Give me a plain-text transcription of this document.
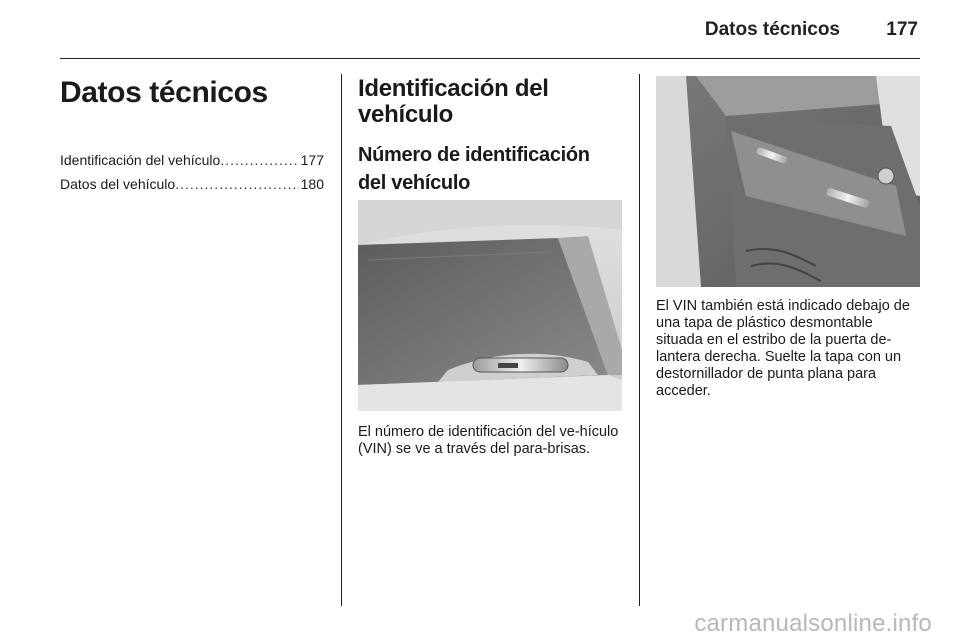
Datos técnicos 177
Datos técnicos
Identificación del vehículo .....	177
Datos del vehículo .....	180
Identificación del vehículo
Número de identificación del vehículo

El número de identificación del ve-hículo (VIN) se ve a través del para-brisas.

El VIN también está indicado debajo de una tapa de plástico desmontable situada en el estribo de la puerta de-lantera derecha. Suelte la tapa con un destornillador de punta plana para acceder.

carmanualsonline.info
